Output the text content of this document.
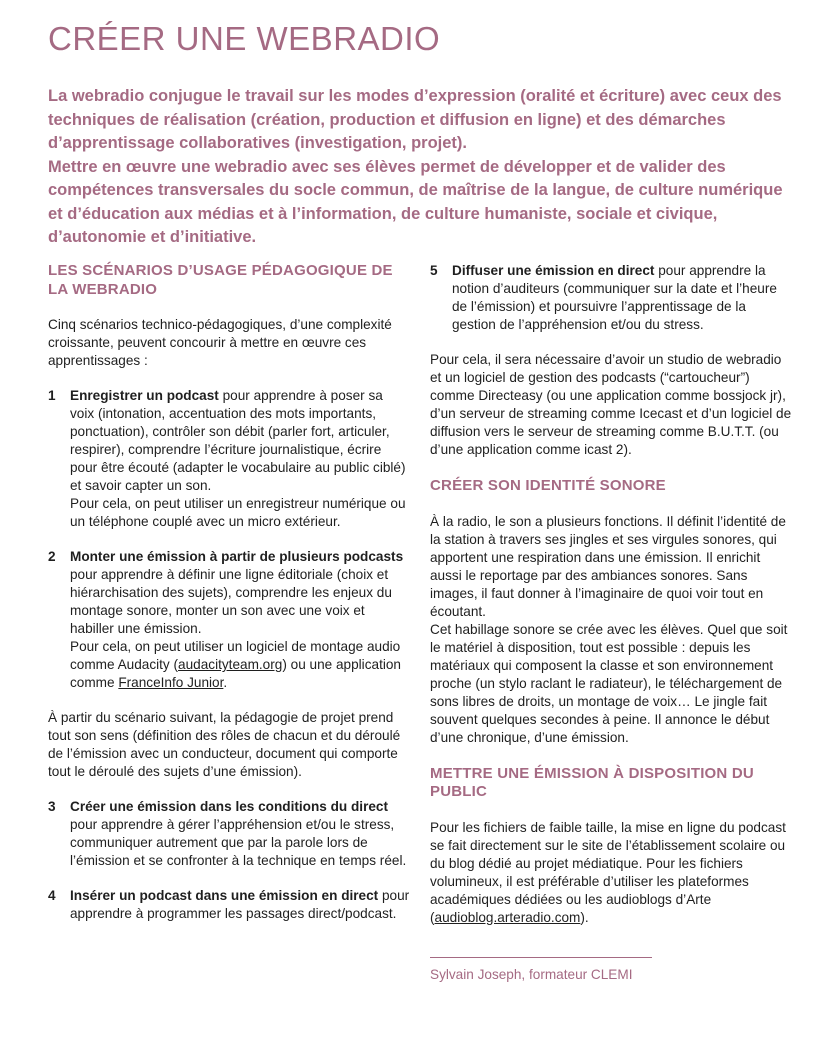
CRÉER UNE WEBRADIO

La webradio conjugue le travail sur les modes d’expression (oralité et écriture) avec ceux des techniques de réalisation (création, production et diffusion en ligne) et des démarches d’apprentissage collaboratives (investigation, projet).

Mettre en œuvre une webradio avec ses élèves permet de développer et de valider des compétences transversales du socle commun, de maîtrise de la langue, de culture numérique et d’éducation aux médias et à l’information, de culture humaniste, sociale et civique, d’autonomie et d’initiative.

LES SCÉNARIOS D’USAGE PÉDAGOGIQUE DE LA WEBRADIO

Cinq scénarios technico-pédagogiques, d’une complexité croissante, peuvent concourir à mettre en œuvre ces apprentissages :

1	Enregistrer un podcast pour apprendre à poser sa voix (intonation, accentuation des mots importants, ponctuation), contrôler son débit (parler fort, articuler, respirer), comprendre l’écriture journalistique, écrire pour être écouté (adapter le vocabulaire au public ciblé) et savoir capter un son.

Pour cela, on peut utiliser un enregistreur numérique ou un téléphone couplé avec un micro extérieur.

2	Monter une émission à partir de plusieurs podcasts pour apprendre à définir une ligne éditoriale (choix et hiérarchisation des sujets), comprendre les enjeux du montage sonore, monter un son avec une voix et habiller une émission.

Pour cela, on peut utiliser un logiciel de montage audio comme Audacity (audacityteam.org) ou une application comme FranceInfo Junior.

À partir du scénario suivant, la pédagogie de projet prend tout son sens (définition des rôles de chacun et du déroulé de l’émission avec un conducteur, document qui comporte tout le déroulé des sujets d’une émission).

3	Créer une émission dans les conditions du direct pour apprendre à gérer l’appréhension et/ou le stress, communiquer autrement que par la parole lors de l’émission et se confronter à la technique en temps réel.

4	Insérer un podcast dans une émission en direct pour apprendre à programmer les passages direct/podcast.

5	Diffuser une émission en direct pour apprendre la notion d’auditeurs (communiquer sur la date et l’heure de l’émission) et poursuivre l’apprentissage de la gestion de l’appréhension et/ou du stress.

Pour cela, il sera nécessaire d’avoir un studio de webradio et un logiciel de gestion des podcasts (“cartoucheur”) comme Directeasy (ou une application comme bossjock jr), d’un serveur de streaming comme Icecast et d’un logiciel de diffusion vers le serveur de streaming comme B.U.T.T. (ou d’une application comme icast 2).

CRÉER SON IDENTITÉ SONORE

À la radio, le son a plusieurs fonctions. Il définit l’identité de la station à travers ses jingles et ses virgules sonores, qui apportent une respiration dans une émission. Il enrichit aussi le reportage par des ambiances sonores. Sans images, il faut donner à l’imaginaire de quoi voir tout en écoutant.

Cet habillage sonore se crée avec les élèves. Quel que soit le matériel à disposition, tout est possible : depuis les matériaux qui composent la classe et son environnement proche (un stylo raclant le radiateur), le téléchargement de sons libres de droits, un montage de voix… Le jingle fait souvent quelques secondes à peine. Il annonce le début d’une chronique, d’une émission.

METTRE UNE ÉMISSION À DISPOSITION DU PUBLIC

Pour les fichiers de faible taille, la mise en ligne du podcast se fait directement sur le site de l’établissement scolaire ou du blog dédié au projet médiatique. Pour les fichiers volumineux, il est préférable d’utiliser les plateformes académiques dédiées ou les audioblogs d’Arte (audioblog.arteradio.com).

Sylvain Joseph, formateur CLEMI
